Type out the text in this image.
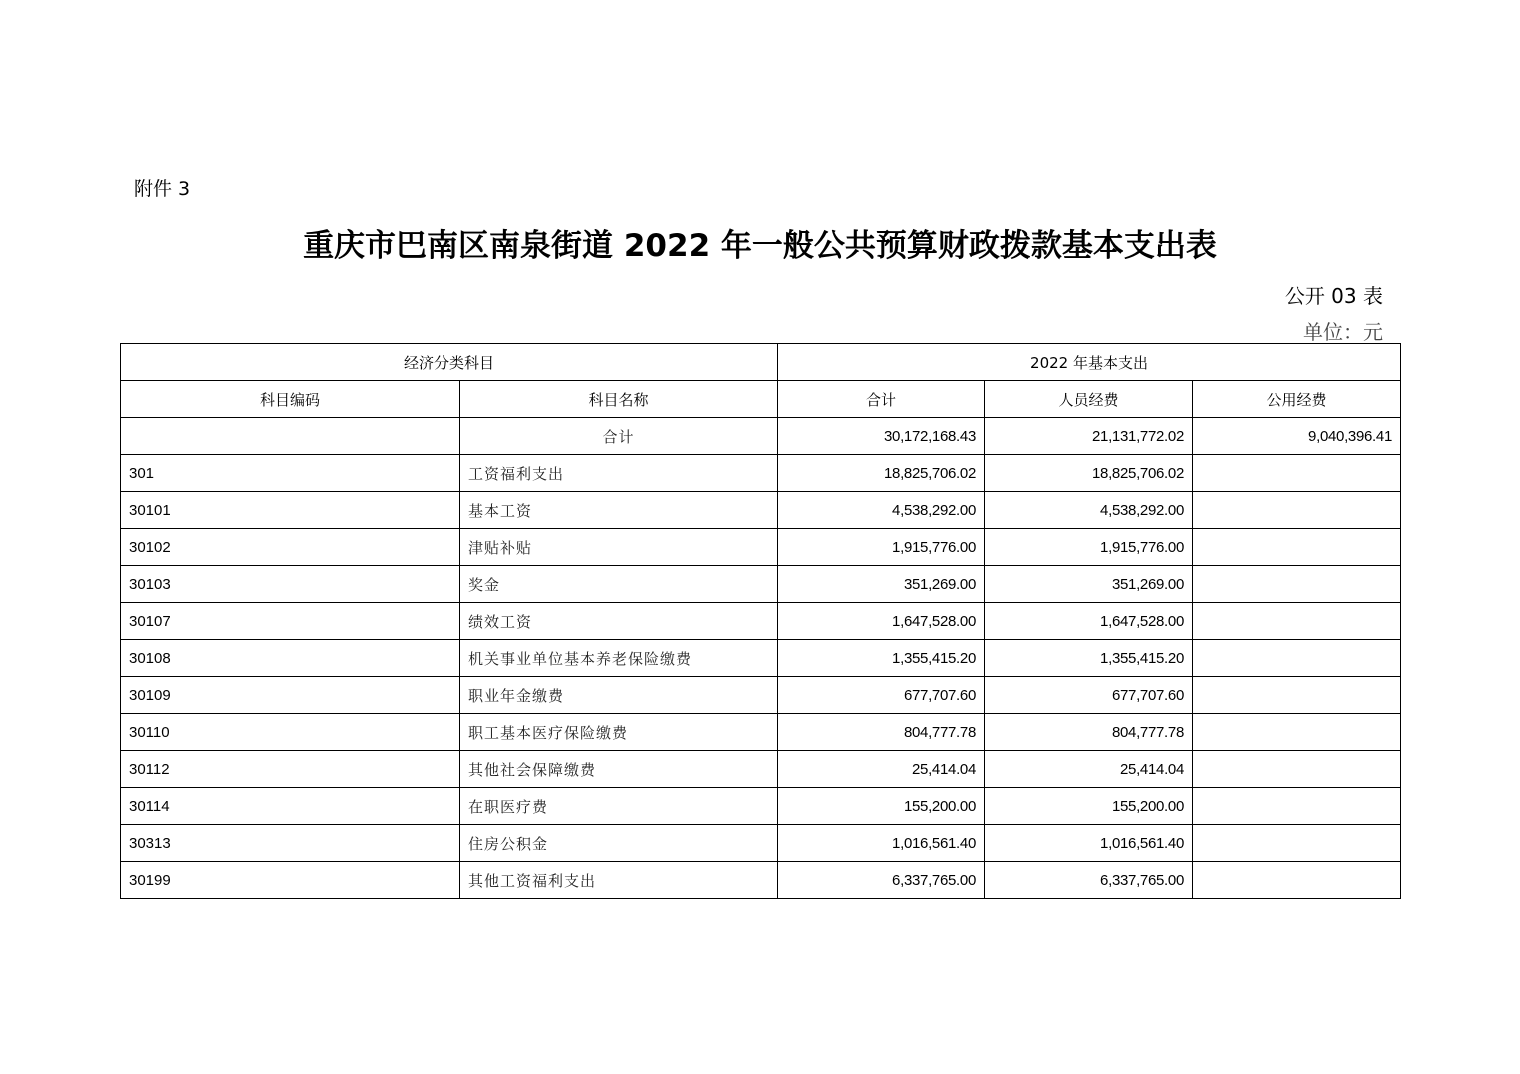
附件 3
重庆市巴南区南泉街道 2022 年一般公共预算财政拨款基本支出表
公开 03 表
单位：元
经济分类科目		2022 年基本支出		
科目编码	科目名称	合计	人员经费	公用经费
	合计	30,172,168.43	21,131,772.02	9,040,396.41
301	工资福利支出	18,825,706.02	18,825,706.02	
30101	基本工资	4,538,292.00	4,538,292.00	
30102	津贴补贴	1,915,776.00	1,915,776.00	
30103	奖金	351,269.00	351,269.00	
30107	绩效工资	1,647,528.00	1,647,528.00	
30108	机关事业单位基本养老保险缴费	1,355,415.20	1,355,415.20	
30109	职业年金缴费	677,707.60	677,707.60	
30110	职工基本医疗保险缴费	804,777.78	804,777.78	
30112	其他社会保障缴费	25,414.04	25,414.04	
30114	在职医疗费	155,200.00	155,200.00	
30313	住房公积金	1,016,561.40	1,016,561.40	
30199	其他工资福利支出	6,337,765.00	6,337,765.00	
